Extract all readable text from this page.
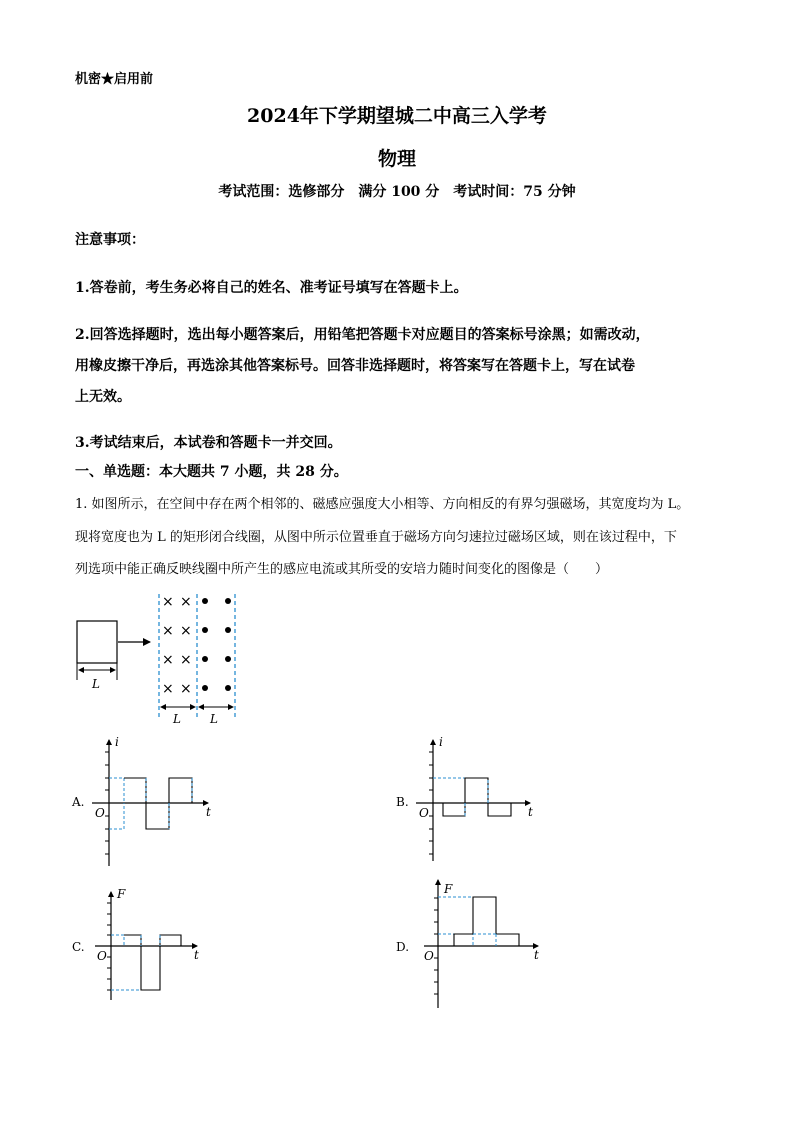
机密★启用前
2024年下学期望城二中高三入学考
物理
考试范围：选修部分　满分 100 分　考试时间：75 分钟
注意事项：
1.答卷前，考生务必将自己的姓名、准考证号填写在答题卡上。
2.回答选择题时，选出每小题答案后，用铅笔把答题卡对应题目的答案标号涂黑；如需改动，
用橡皮擦干净后，再选涂其他答案标号。回答非选择题时，将答案写在答题卡上，写在试卷
上无效。
3.考试结束后，本试卷和答题卡一并交回。
一、单选题：本大题共 7 小题，共 28 分。
1. 如图所示，在空间中存在两个相邻的、磁感应强度大小相等、方向相反的有界匀强磁场，其宽度均为 L。
现将宽度也为 L 的矩形闭合线圈，从图中所示位置垂直于磁场方向匀速拉过磁场区域，则在该过程中，下
列选项中能正确反映线圈中所产生的感应电流或其所受的安培力随时间变化的图像是（　　）
L
× ×
× ×
× ×
× ×
L L
A.
i
t
O
B.
i
t
O
C.
F
t
O
D.
F
t
O
